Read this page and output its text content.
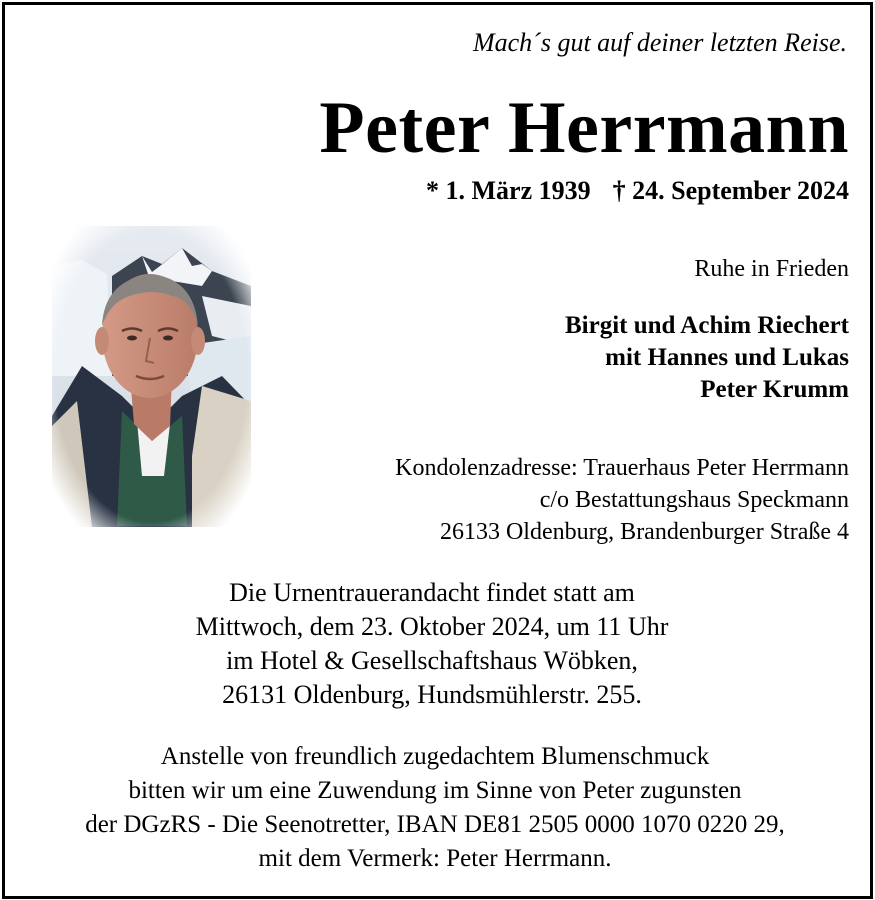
Mach´s gut auf deiner letzten Reise.
Peter Herrmann
* 1. März 1939 † 24. September 2024
Ruhe in Frieden
Birgit und Achim Riechert
mit Hannes und Lukas
Peter Krumm
Kondolenzadresse: Trauerhaus Peter Herrmann
c/o Bestattungshaus Speckmann
26133 Oldenburg, Brandenburger Straße 4
Die Urnentrauerandacht findet statt am
Mittwoch, dem 23. Oktober 2024, um 11 Uhr
im Hotel & Gesellschaftshaus Wöbken,
26131 Oldenburg, Hundsmühlerstr. 255.
Anstelle von freundlich zugedachtem Blumenschmuck
bitten wir um eine Zuwendung im Sinne von Peter zugunsten
der DGzRS - Die Seenotretter, IBAN DE81 2505 0000 1070 0220 29,
mit dem Vermerk: Peter Herrmann.
